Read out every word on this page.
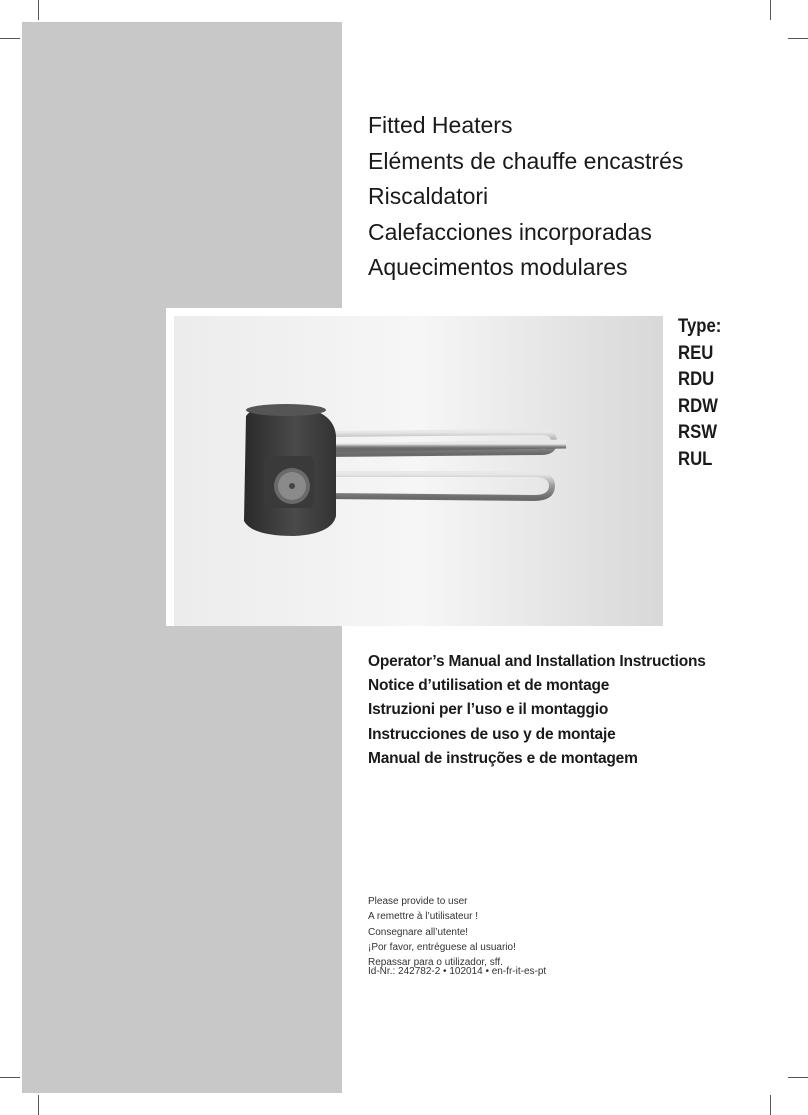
Fitted Heaters
Eléments de chauffe encastrés
Riscaldatori
Calefacciones incorporadas
Aquecimentos modulares
Type:
REU
RDU
RDW
RSW
RUL
Operator’s Manual and Installation Instructions
Notice d’utilisation et de montage
Istruzioni per l’uso e il montaggio
Instrucciones de uso y de montaje
Manual de instruções e de montagem
Please provide to user
A remettre à l’utilisateur !
Consegnare all’utente!
¡Por favor, entréguese al usuario!
Repassar para o utilizador, sff.
Id-Nr.: 242782-2 • 102014 • en-fr-it-es-pt
